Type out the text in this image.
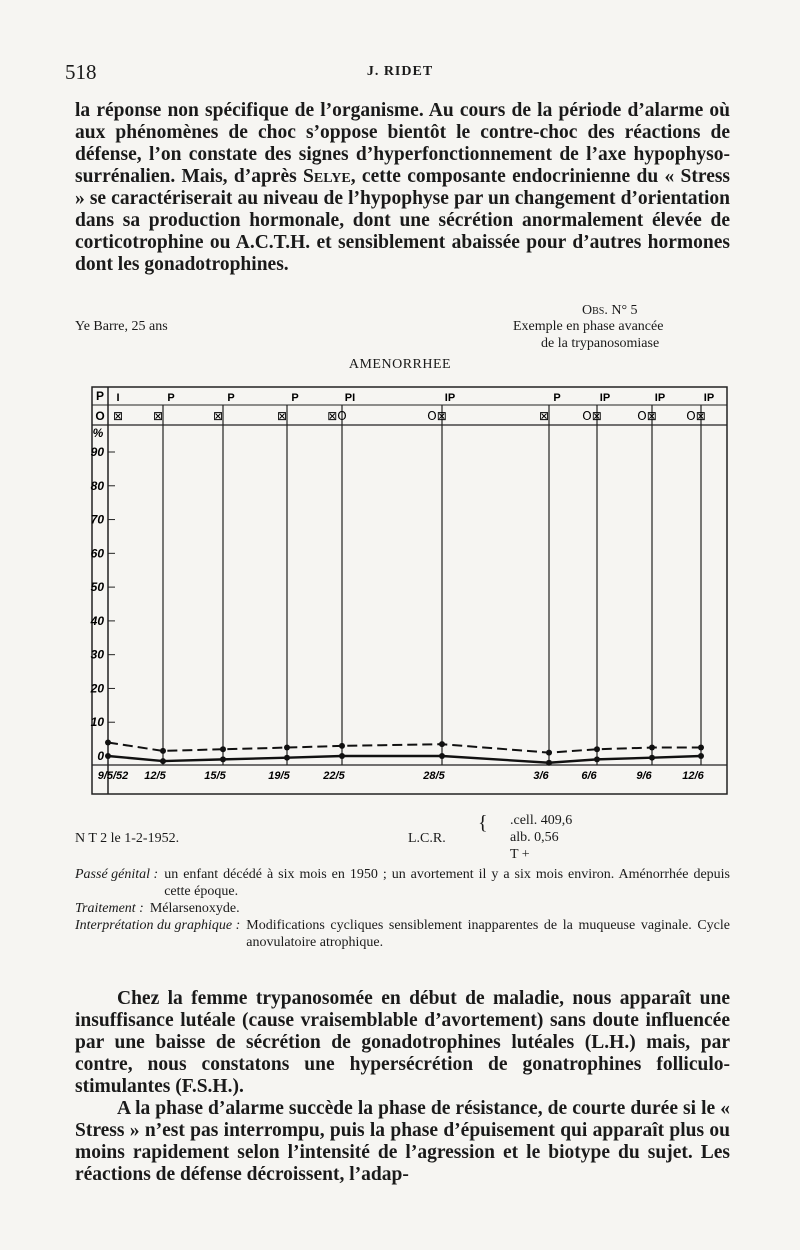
518	J. RIDET

la réponse non spécifique de l’organisme. Au cours de la période d’alarme où aux phénomènes de choc s’oppose bientôt le contre-choc des réactions de défense, l’on constate des signes d’hyperfonctionnement de l’axe hypophyso-surrénalien. Mais, d’après Selye, cette composante endocrinienne du « Stress » se caractériserait au niveau de l’hypophyse par un changement d’orientation dans sa production hormonale, dont une sécrétion anormalement élevée de corticotrophine ou A.C.T.H. et sensiblement abaissée pour d’autres hormones dont les gonadotrophines.

Obs. N° 5
Ye Barre, 25 ans	Exemple en phase avancée
de la trypanosomiase
AMENORRHEE
P
O
%
90
80
70
60
50
40
30
20
10
0
I
⊠
9/5/52
P
⊠
12/5
P
⊠
15/5
P
⊠
19/5
PI
⊠O
22/5
IP
O⊠
28/5
P
⊠
3/6
IP
O⊠
6/6
IP
O⊠
9/6
IP
O⊠
12/6
N T 2 le 1-2-1952.	L.C.R.
{ .cell. 409,6
alb. 0,56
T +
Passé génital : un enfant décédé à six mois en 1950 ; un avortement il y a six mois environ. Aménorrhée depuis cette époque.
Traitement : Mélarsenoxyde.
Interprétation du graphique : Modifications cycliques sensiblement inapparentes de la muqueuse vaginale. Cycle anovulatoire atrophique.

Chez la femme trypanosomée en début de maladie, nous apparaît une insuffisance lutéale (cause vraisemblable d’avortement) sans doute influencée par une baisse de sécrétion de gonadotrophines lutéales (L.H.) mais, par contre, nous constatons une hypersécrétion de gonatrophines folliculo-stimulantes (F.S.H.).

A la phase d’alarme succède la phase de résistance, de courte durée si le « Stress » n’est pas interrompu, puis la phase d’épuisement qui apparaît plus ou moins rapidement selon l’intensité de l’agression et le biotype du sujet. Les réactions de défense décroissent, l’adap-
